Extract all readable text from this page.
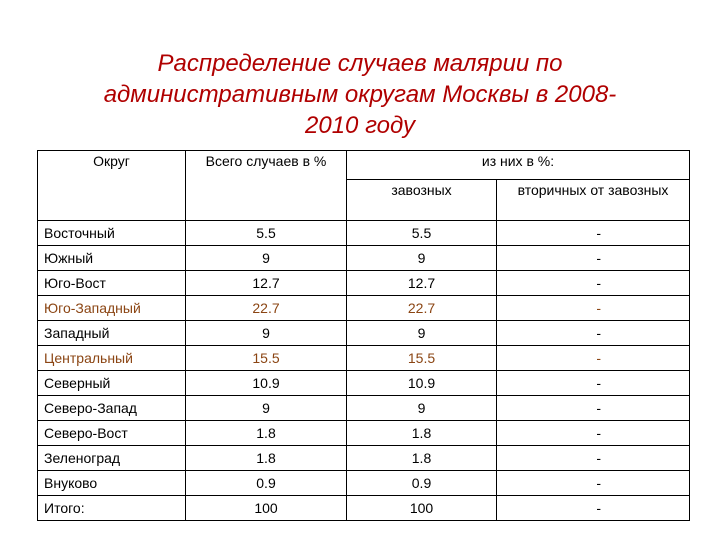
Распределение случаев малярии по
административным округам Москвы в 2008-
2010 году
Округ	Всего случаев в %	из них в %:	
		завозных	вторичных от завозных
Восточный	5.5	5.5	-
Южный	9	9	-
Юго-Вост	12.7	12.7	-
Юго-Западный	22.7	22.7	-
Западный	9	9	-
Центральный	15.5	15.5	-
Северный	10.9	10.9	-
Северо-Запад	9	9	-
Северо-Вост	1.8	1.8	-
Зеленоград	1.8	1.8	-
Внуково	0.9	0.9	-
Итого:	100	100	-
